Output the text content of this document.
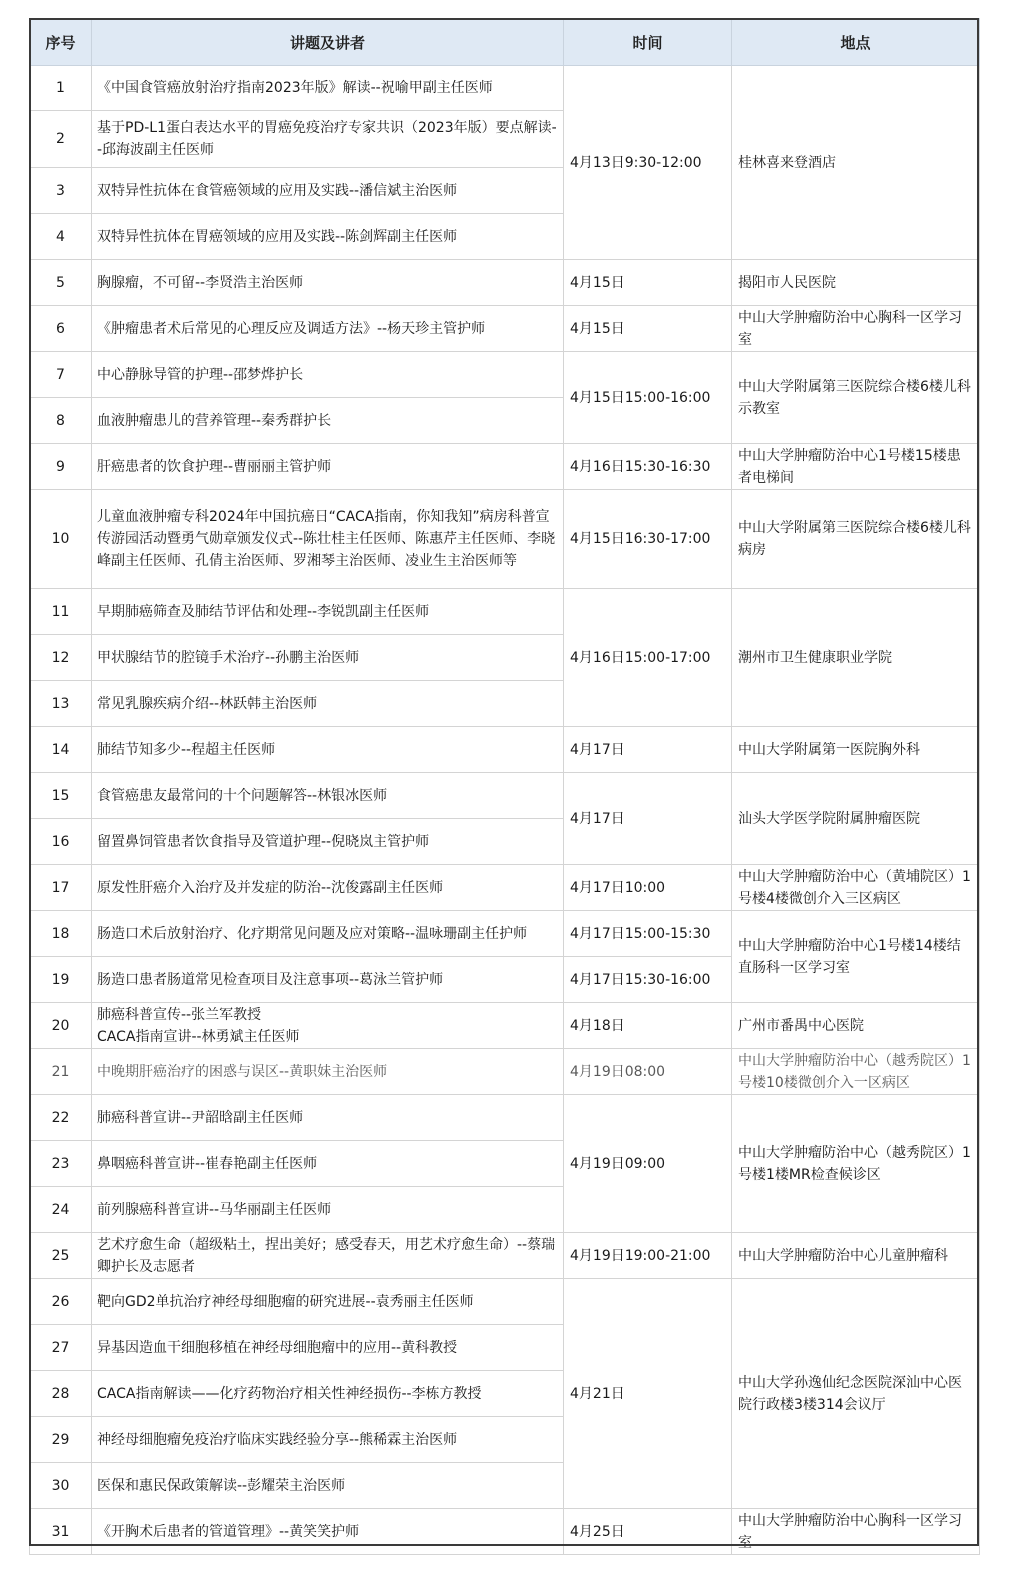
序号	讲题及讲者	时间	地点
1	《中国食管癌放射治疗指南2023年版》解读--祝喻甲副主任医师	4月13日9:30-12:00	桂林喜来登酒店
2	基于PD-L1蛋白表达水平的胃癌免疫治疗专家共识（2023年版）要点解读--邱海波副主任医师		
3	双特异性抗体在食管癌领域的应用及实践--潘信斌主治医师		
4	双特异性抗体在胃癌领域的应用及实践--陈剑辉副主任医师		
5	胸腺瘤，不可留--李贤浩主治医师	4月15日	揭阳市人民医院
6	《肿瘤患者术后常见的心理反应及调适方法》--杨天珍主管护师	4月15日	中山大学肿瘤防治中心胸科一区学习室
7	中心静脉导管的护理--邵梦烨护长	4月15日15:00-16:00	中山大学附属第三医院综合楼6楼儿科示教室
8	血液肿瘤患儿的营养管理--秦秀群护长		
9	肝癌患者的饮食护理--曹丽丽主管护师	4月16日15:30-16:30	中山大学肿瘤防治中心1号楼15楼患者电梯间
10	儿童血液肿瘤专科2024年中国抗癌日“CACA指南，你知我知”病房科普宣传游园活动暨勇气勋章颁发仪式--陈壮桂主任医师、陈惠芹主任医师、李晓峰副主任医师、孔倩主治医师、罗湘琴主治医师、凌业生主治医师等	4月15日16:30-17:00	中山大学附属第三医院综合楼6楼儿科病房
11	早期肺癌筛查及肺结节评估和处理--李锐凯副主任医师	4月16日15:00-17:00	潮州市卫生健康职业学院
12	甲状腺结节的腔镜手术治疗--孙鹏主治医师		
13	常见乳腺疾病介绍--林跃韩主治医师		
14	肺结节知多少--程超主任医师	4月17日	中山大学附属第一医院胸外科
15	食管癌患友最常问的十个问题解答--林银冰医师	4月17日	汕头大学医学院附属肿瘤医院
16	留置鼻饲管患者饮食指导及管道护理--倪晓岚主管护师		
17	原发性肝癌介入治疗及并发症的防治--沈俊露副主任医师	4月17日10:00	中山大学肿瘤防治中心（黄埔院区）1号楼4楼微创介入三区病区
18	肠造口术后放射治疗、化疗期常见问题及应对策略--温咏珊副主任护师	4月17日15:00-15:30	中山大学肿瘤防治中心1号楼14楼结直肠科一区学习室
19	肠造口患者肠道常见检查项目及注意事项--葛泳兰管护师	4月17日15:30-16:00	
20	肺癌科普宣传--张兰军教授
CACA指南宣讲--林勇斌主任医师	4月18日	广州市番禺中心医院
21	中晚期肝癌治疗的困惑与误区--黄职妹主治医师	4月19日08:00	中山大学肿瘤防治中心（越秀院区）1号楼10楼微创介入一区病区
22	肺癌科普宣讲--尹韶晗副主任医师	4月19日09:00	中山大学肿瘤防治中心（越秀院区）1号楼1楼MR检查候诊区
23	鼻咽癌科普宣讲--崔春艳副主任医师		
24	前列腺癌科普宣讲--马华丽副主任医师		
25	艺术疗愈生命（超级粘土，捏出美好；感受春天，用艺术疗愈生命）--蔡瑞卿护长及志愿者	4月19日19:00-21:00	中山大学肿瘤防治中心儿童肿瘤科
26	靶向GD2单抗治疗神经母细胞瘤的研究进展--袁秀丽主任医师	4月21日	中山大学孙逸仙纪念医院深汕中心医院行政楼3楼314会议厅
27	异基因造血干细胞移植在神经母细胞瘤中的应用--黄科教授		
28	CACA指南解读——化疗药物治疗相关性神经损伤--李栋方教授		
29	神经母细胞瘤免疫治疗临床实践经验分享--熊稀霖主治医师		
30	医保和惠民保政策解读--彭耀荣主治医师		
31	《开胸术后患者的管道管理》--黄笑笑护师	4月25日	中山大学肿瘤防治中心胸科一区学习室
